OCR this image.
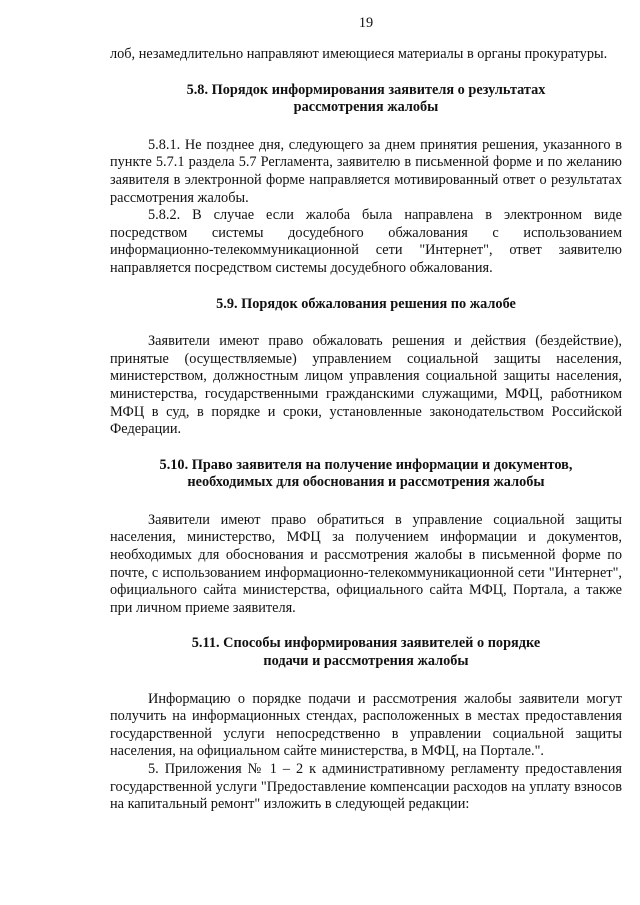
19

лоб, незамедлительно направляют имеющиеся материалы в органы прокуратуры.

5.8. Порядок информирования заявителя о результатах
рассмотрения жалобы

5.8.1. Не позднее дня, следующего за днем принятия решения, указанного в пункте 5.7.1 раздела 5.7 Регламента, заявителю в письменной форме и по желанию заявителя в электронной форме направляется мотивированный ответ о результатах рассмотрения жалобы.

5.8.2. В случае если жалоба была направлена в электронном виде посредством системы досудебного обжалования с использованием информационно-телекоммуникационной сети "Интернет", ответ заявителю направляется посредством системы досудебного обжалования.

5.9. Порядок обжалования решения по жалобе

Заявители имеют право обжаловать решения и действия (бездействие), принятые (осуществляемые) управлением социальной защиты населения, министерством, должностным лицом управления социальной защиты населения, министерства, государственными гражданскими служащими, МФЦ, работником МФЦ в суд, в порядке и сроки, установленные законодательством Российской Федерации.

5.10. Право заявителя на получение информации и документов,
необходимых для обоснования и рассмотрения жалобы

Заявители имеют право обратиться в управление социальной защиты населения, министерство, МФЦ за получением информации и документов, необходимых для обоснования и рассмотрения жалобы в письменной форме по почте, с использованием информационно-телекоммуникационной сети "Интернет", официального сайта министерства, официального сайта МФЦ, Портала, а также при личном приеме заявителя.

5.11. Способы информирования заявителей о порядке
подачи и рассмотрения жалобы

Информацию о порядке подачи и рассмотрения жалобы заявители могут получить на информационных стендах, расположенных в местах предоставления государственной услуги непосредственно в управлении социальной защиты населения, на официальном сайте министерства, в МФЦ, на Портале.".

5. Приложения № 1 – 2 к административному регламенту предоставления государственной услуги "Предоставление компенсации расходов на уплату взносов на капитальный ремонт" изложить в следующей редакции:
